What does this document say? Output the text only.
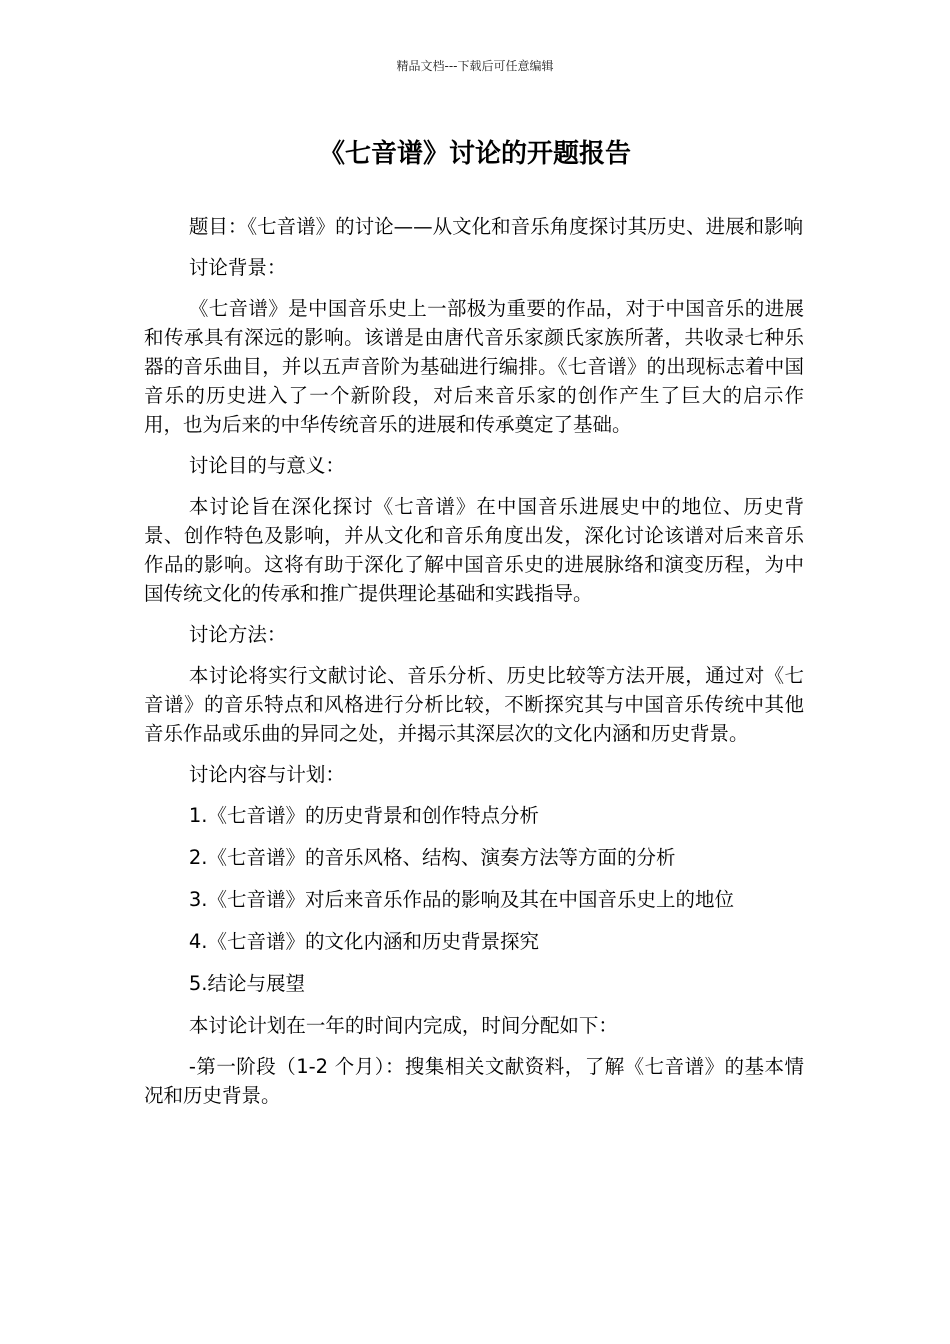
精品文档---下载后可任意编辑
《七音谱》讨论的开题报告

题目：《七音谱》的讨论——从文化和音乐角度探讨其历史、进展和影响

讨论背景：

《七音谱》是中国音乐史上一部极为重要的作品，对于中国音乐的进展和传承具有深远的影响。该谱是由唐代音乐家颜氏家族所著，共收录七种乐器的音乐曲目，并以五声音阶为基础进行编排。《七音谱》的出现标志着中国音乐的历史进入了一个新阶段，对后来音乐家的创作产生了巨大的启示作用，也为后来的中华传统音乐的进展和传承奠定了基础。

讨论目的与意义：

本讨论旨在深化探讨《七音谱》在中国音乐进展史中的地位、历史背景、创作特色及影响，并从文化和音乐角度出发，深化讨论该谱对后来音乐作品的影响。这将有助于深化了解中国音乐史的进展脉络和演变历程，为中国传统文化的传承和推广提供理论基础和实践指导。

讨论方法：

本讨论将实行文献讨论、音乐分析、历史比较等方法开展，通过对《七音谱》的音乐特点和风格进行分析比较，不断探究其与中国音乐传统中其他音乐作品或乐曲的异同之处，并揭示其深层次的文化内涵和历史背景。

讨论内容与计划：

1.《七音谱》的历史背景和创作特点分析
2.《七音谱》的音乐风格、结构、演奏方法等方面的分析
3.《七音谱》对后来音乐作品的影响及其在中国音乐史上的地位
4.《七音谱》的文化内涵和历史背景探究
5.结论与展望

本讨论计划在一年的时间内完成，时间分配如下：

-第一阶段（1-2 个月）：搜集相关文献资料，了解《七音谱》的基本情况和历史背景。
